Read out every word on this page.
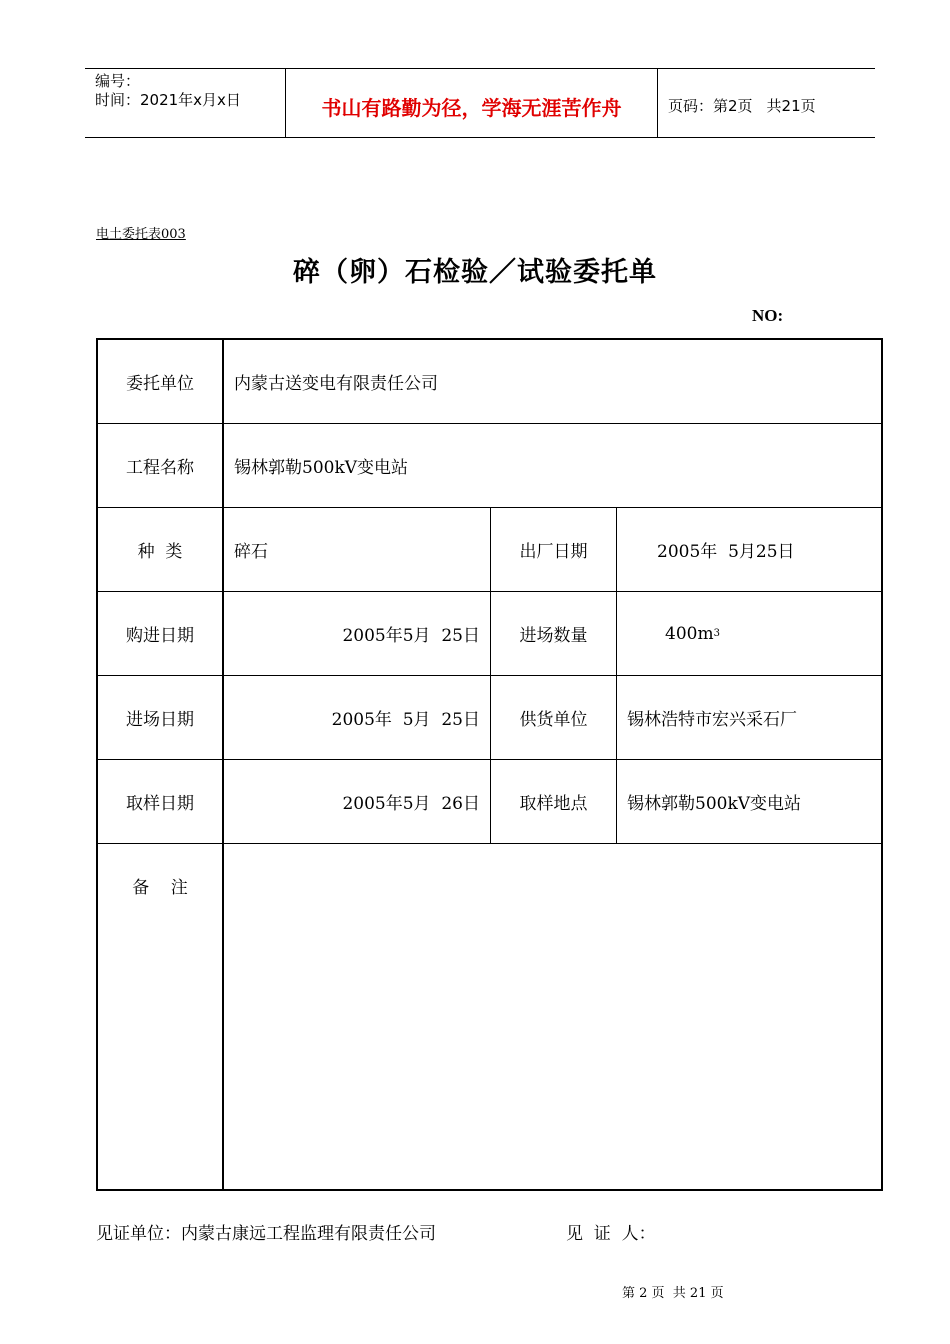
编号：
时间：2021年x月x日	书山有路勤为径，学海无涯苦作舟	页码：第2页 共21页
电土委托表003
碎（卵）石检验／试验委托单
NO:
委托单位	内蒙古送变电有限责任公司
工程名称	锡林郭勒500kV变电站
种  类	碎石	出厂日期	2005年  5月25日
购进日期	2005年5月  25日	进场数量	400m 3
进场日期	2005年  5月  25日	供货单位	锡林浩特市宏兴采石厂
取样日期	2005年5月  26日	取样地点	锡林郭勒500kV变电站
备    注
见证单位：内蒙古康远工程监理有限责任公司	见  证  人：
第 2 页  共 21 页
